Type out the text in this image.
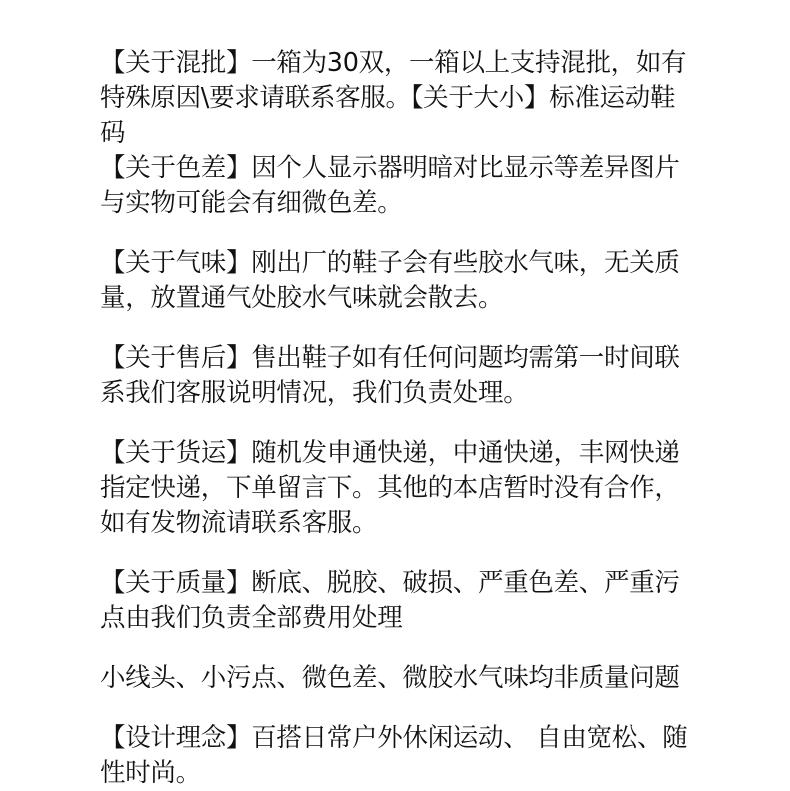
【关于混批】一箱为30双，一箱以上支持混批，如有
特殊原因\要求请联系客服。【关于大小】标准运动鞋
码
【关于色差】因个人显示器明暗对比显示等差异图片
与实物可能会有细微色差。
【关于气味】刚出厂的鞋子会有些胶水气味，无关质
量，放置通气处胶水气味就会散去。
【关于售后】售出鞋子如有任何问题均需第一时间联
系我们客服说明情况，我们负责处理。
【关于货运】随机发申通快递，中通快递，丰网快递
指定快递，下单留言下。其他的本店暂时没有合作，
如有发物流请联系客服。
【关于质量】断底、脱胶、破损、严重色差、严重污
点由我们负责全部费用处理
小线头、小污点、微色差、微胶水气味均非质量问题
【设计理念】百搭日常户外休闲运动、 自由宽松、随
性时尚。
